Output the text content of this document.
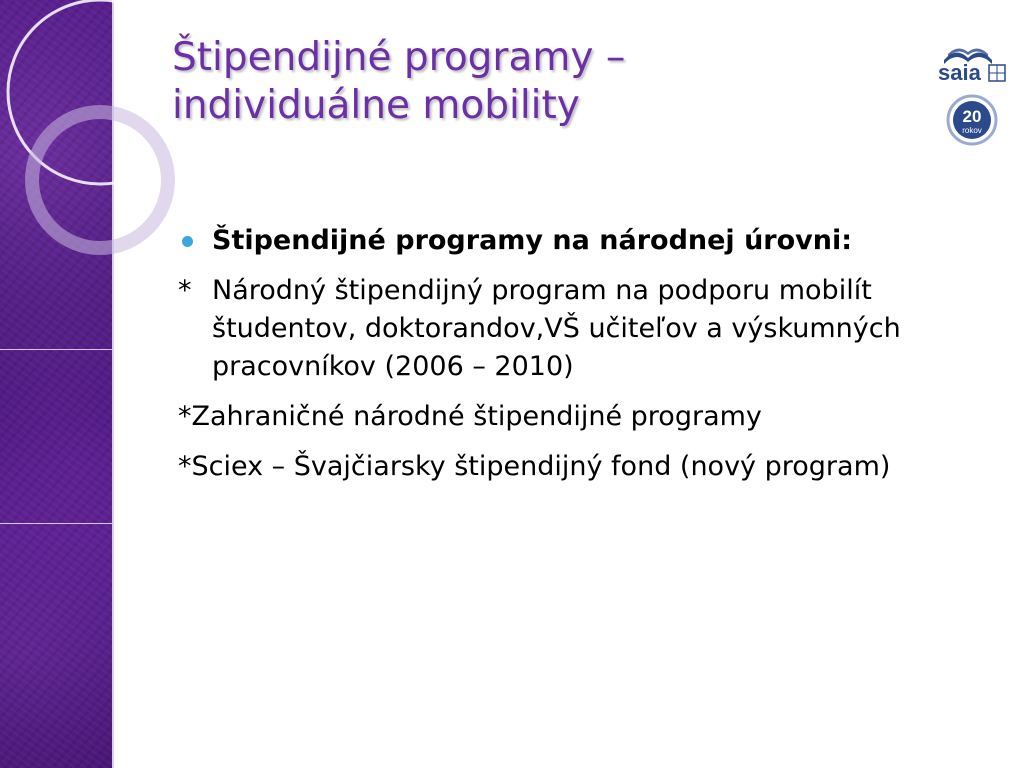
Štipendijné programy –
individuálne mobility
saia
20
rokov
Štipendijné programy na národnej úrovni:
* Národný štipendijný program na podporu mobilít študentov, doktorandov,VŠ učiteľov a výskumných pracovníkov (2006 – 2010)
*Zahraničné národné štipendijné programy
*Sciex – Švajčiarsky štipendijný fond (nový program)
